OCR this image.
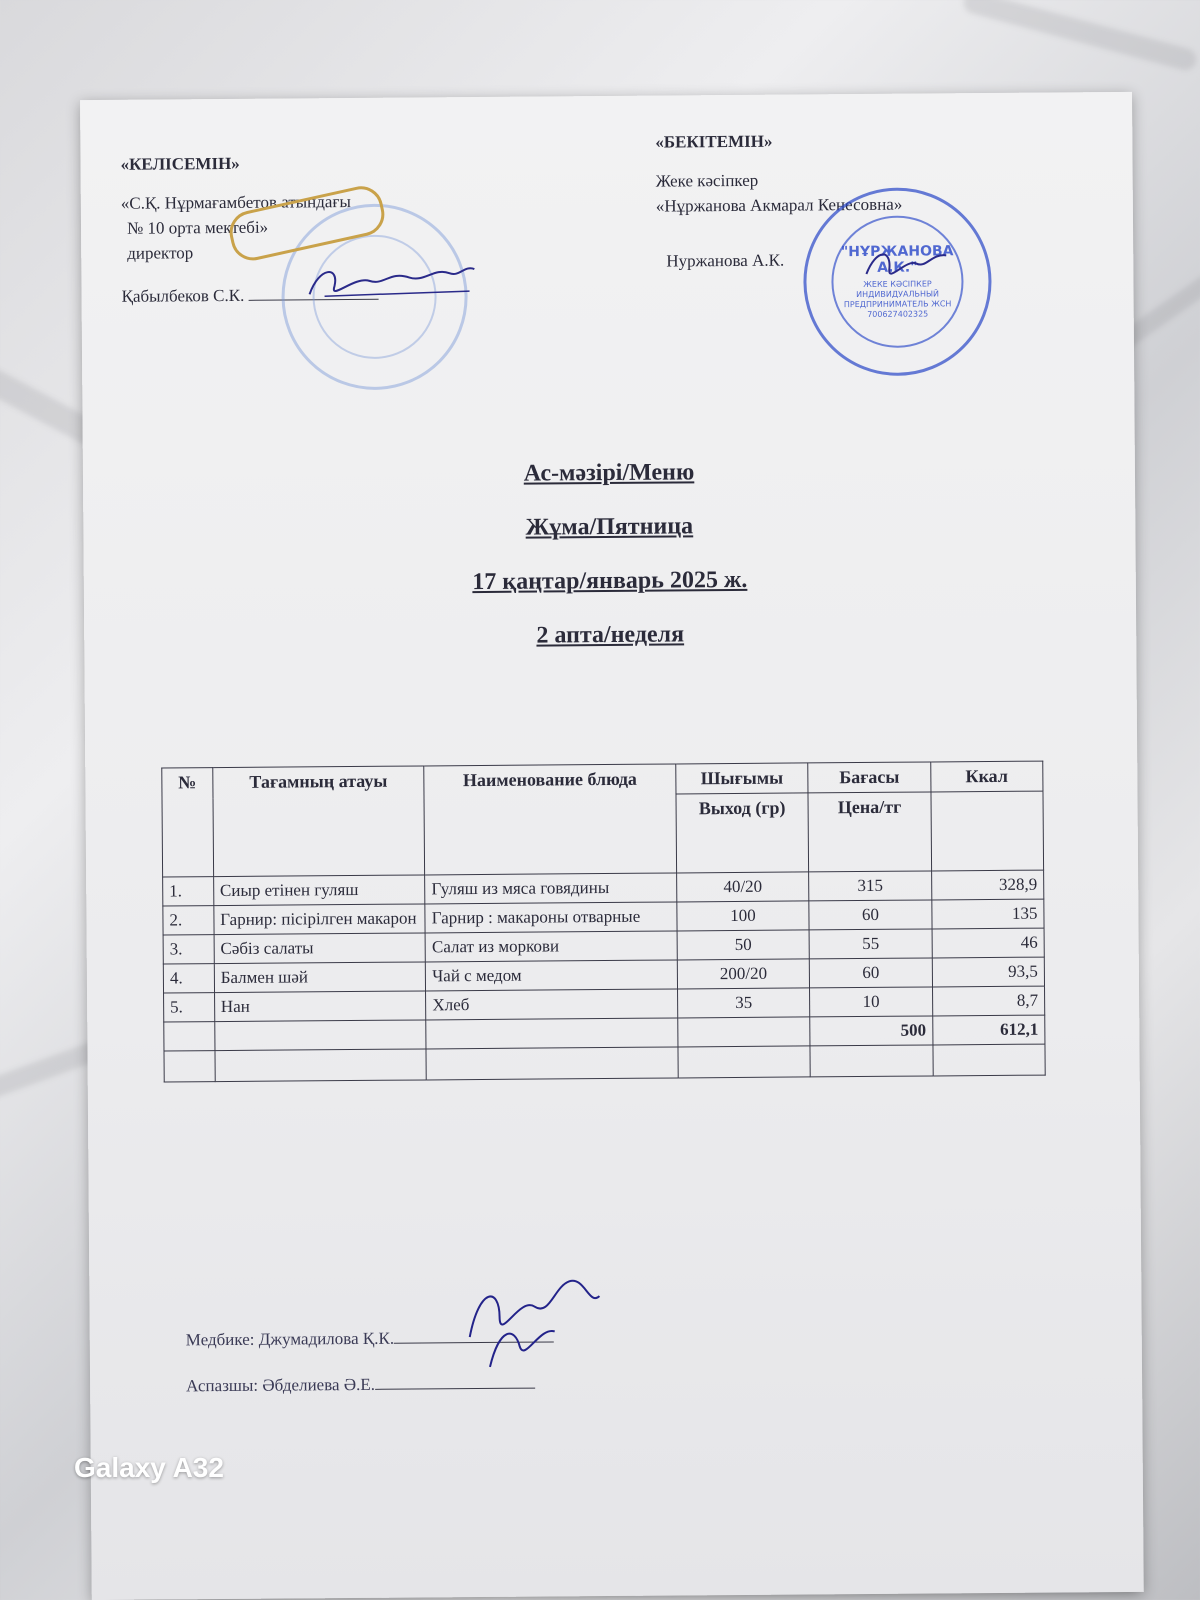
«КЕЛІСЕМІН»
«С.Қ. Нұрмағамбетов атындағы
№ 10 орта мектебі»
директор
Қабылбеков С.К.
«БЕКІТЕМІН»
Жеке кәсіпкер
«Нұржанова Акмарал Кенесовна»
Нуржанова А.К.	"НҰРЖАНОВА А.К."
ЖЕКЕ КӘСІПКЕР ИНДИВИДУАЛЬНЫЙ ПРЕДПРИНИМАТЕЛЬ ЖСН 700627402325
Ас-мәзірі/Меню
Жұма/Пятница
17 қаңтар/январь 2025 ж.
2 апта/неделя
№	Тағамның атауы	Наименование блюда	Шығымы	Бағасы	Ккал
			Выход (гр)	Цена/тг	
1.	Сиыр етінен гуляш	Гуляш из мяса говядины	40/20	315	328,9
2.	Гарнир: пісірілген макарон	Гарнир : макароны отварные	100	60	135
3.	Сәбіз салаты	Салат из моркови	50	55	46
4.	Балмен шәй	Чай с медом	200/20	60	93,5
5.	Нан	Хлеб	35	10	8,7
				500	612,1

Медбике: Джумадилова Қ.К.
Аспазшы: Әбделиева Ә.Е.
Galaxy A32
